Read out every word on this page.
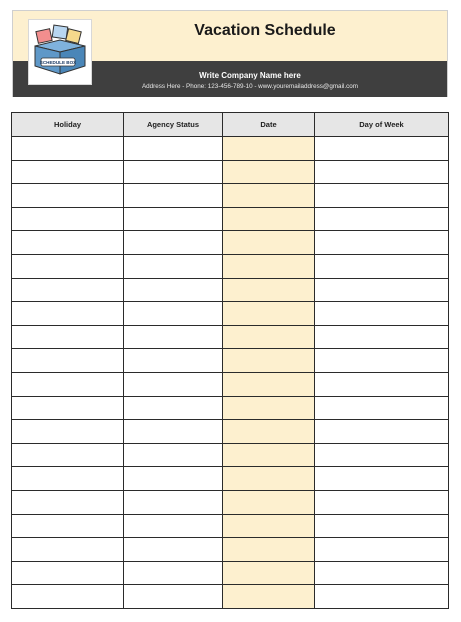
Vacation Schedule
Write Company Name here
Address Here - Phone: 123-456-789-10 - www.youremailaddress@gmail.com
SCHEDULE BOX
Holiday	Agency Status	Date	Day of Week
